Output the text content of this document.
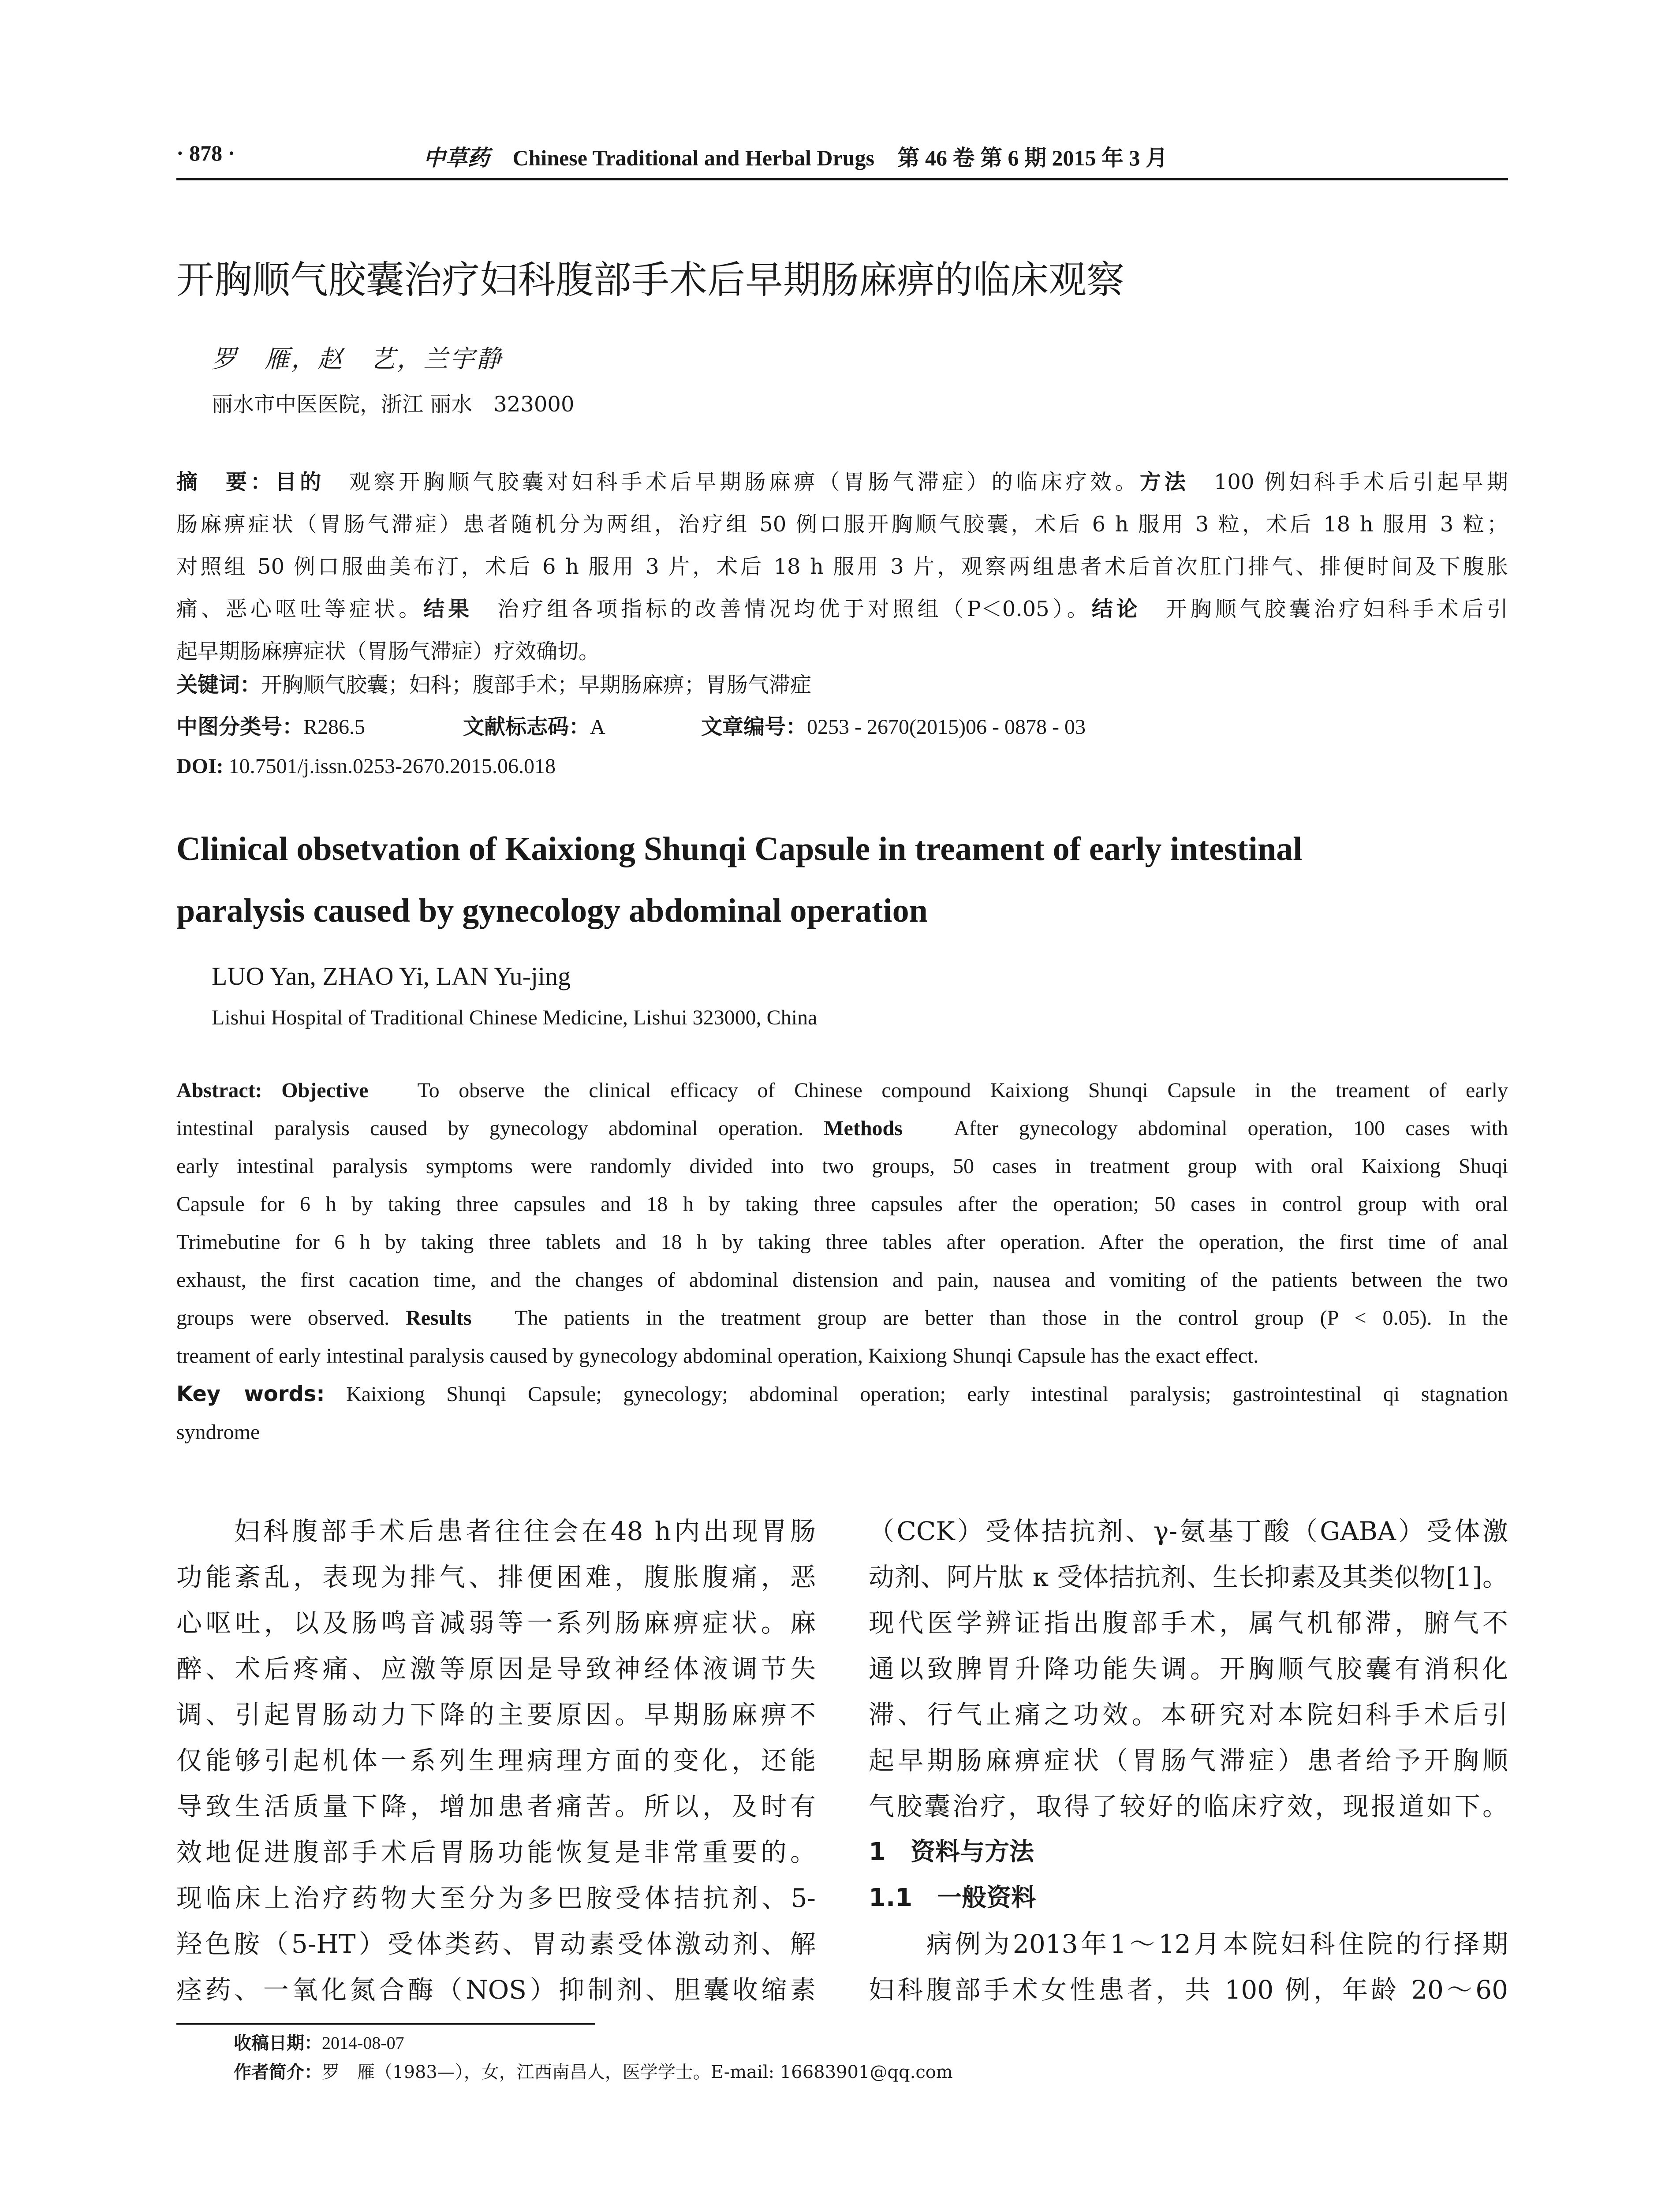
· 878 ·	中草药 Chinese Traditional and Herbal Drugs 第 46 卷 第 6 期 2015 年 3 月
开胸顺气胶囊治疗妇科腹部手术后早期肠麻痹的临床观察
罗　雁，赵　艺，兰宇静
丽水市中医医院，浙江 丽水　323000
摘　要：目的　观察开胸顺气胶囊对妇科手术后早期肠麻痹（胃肠气滞症）的临床疗效。方法　100 例妇科手术后引起早期
肠麻痹症状（胃肠气滞症）患者随机分为两组，治疗组 50 例口服开胸顺气胶囊，术后 6 h 服用 3 粒，术后 18 h 服用 3 粒；
对照组 50 例口服曲美布汀，术后 6 h 服用 3 片，术后 18 h 服用 3 片，观察两组患者术后首次肛门排气、排便时间及下腹胀
痛、恶心呕吐等症状。结果　治疗组各项指标的改善情况均优于对照组（P＜0.05）。结论　开胸顺气胶囊治疗妇科手术后引
起早期肠麻痹症状（胃肠气滞症）疗效确切。
关键词：开胸顺气胶囊；妇科；腹部手术；早期肠麻痹；胃肠气滞症
中图分类号：R286.5	文献标志码：A	文章编号：0253 - 2670(2015)06 - 0878 - 03
DOI: 10.7501/j.issn.0253-2670.2015.06.018
Clinical obsetvation of Kaixiong Shunqi Capsule in treament of early intestinal
paralysis caused by gynecology abdominal operation
LUO Yan, ZHAO Yi, LAN Yu-jing
Lishui Hospital of Traditional Chinese Medicine, Lishui 323000, China
Abstract: Objective　To observe the clinical efficacy of Chinese compound Kaixiong Shunqi Capsule in the treament of early
intestinal paralysis caused by gynecology abdominal operation. Methods　After gynecology abdominal operation, 100 cases with
early intestinal paralysis symptoms were randomly divided into two groups, 50 cases in treatment group with oral Kaixiong Shuqi
Capsule for 6 h by taking three capsules and 18 h by taking three capsules after the operation; 50 cases in control group with oral
Trimebutine for 6 h by taking three tablets and 18 h by taking three tables after operation. After the operation, the first time of anal
exhaust, the first cacation time, and the changes of abdominal distension and pain, nausea and vomiting of the patients between the two
groups were observed. Results　The patients in the treatment group are better than those in the control group (P < 0.05). In the
treament of early intestinal paralysis caused by gynecology abdominal operation, Kaixiong Shunqi Capsule has the exact effect.
Key words: Kaixiong Shunqi Capsule; gynecology; abdominal operation; early intestinal paralysis; gastrointestinal qi stagnation
syndrome
　　妇科腹部手术后患者往往会在48 h内出现胃肠
功能紊乱，表现为排气、排便困难，腹胀腹痛，恶
心呕吐，以及肠鸣音减弱等一系列肠麻痹症状。麻
醉、术后疼痛、应激等原因是导致神经体液调节失
调、引起胃肠动力下降的主要原因。早期肠麻痹不
仅能够引起机体一系列生理病理方面的变化，还能
导致生活质量下降，增加患者痛苦。所以，及时有
效地促进腹部手术后胃肠功能恢复是非常重要的。
现临床上治疗药物大至分为多巴胺受体拮抗剂、5-
羟色胺（5-HT）受体类药、胃动素受体激动剂、解
痉药、一氧化氮合酶（NOS）抑制剂、胆囊收缩素
（CCK）受体拮抗剂、γ-氨基丁酸（GABA）受体激
动剂、阿片肽 κ 受体拮抗剂、生长抑素及其类似物[1]。
现代医学辨证指出腹部手术，属气机郁滞，腑气不
通以致脾胃升降功能失调。开胸顺气胶囊有消积化
滞、行气止痛之功效。本研究对本院妇科手术后引
起早期肠麻痹症状（胃肠气滞症）患者给予开胸顺
气胶囊治疗，取得了较好的临床疗效，现报道如下。
1　资料与方法
1.1　一般资料
　　病例为2013年1～12月本院妇科住院的行择期
妇科腹部手术女性患者，共 100 例，年龄 20～60
收稿日期：2014-08-07
作者简介：罗　雁（1983—），女，江西南昌人，医学学士。E-mail: 16683901@qq.com
